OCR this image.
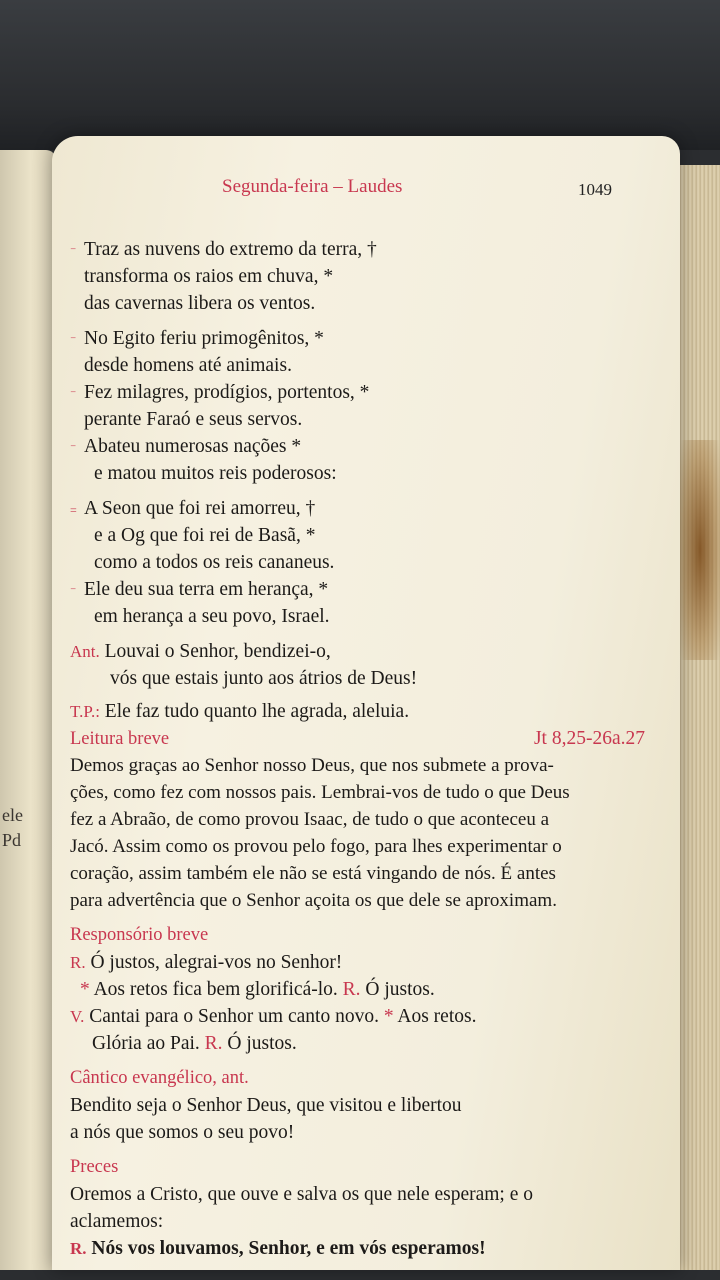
ele
Pd
Segunda-feira – Laudes	1049
⁻ Traz as nuvens do extremo da terra, †
transforma os raios em chuva, *
das cavernas libera os ventos.
⁻ No Egito feriu primogênitos, *
desde homens até animais.
⁻ Fez milagres, prodígios, portentos, *
perante Faraó e seus servos.
⁻ Abateu numerosas nações *
e matou muitos reis poderosos:
= A Seon que foi rei amorreu, †
e a Og que foi rei de Basã, *
como a todos os reis cananeus.
⁻ Ele deu sua terra em herança, *
em herança a seu povo, Israel.
Ant. Louvai o Senhor, bendizei-o,
vós que estais junto aos átrios de Deus!
T.P.: Ele faz tudo quanto lhe agrada, aleluia.
Leitura breve	Jt 8,25-26a.27
Demos graças ao Senhor nosso Deus, que nos submete a prova-
ções, como fez com nossos pais. Lembrai-vos de tudo o que Deus
fez a Abraão, de como provou Isaac, de tudo o que aconteceu a
Jacó. Assim como os provou pelo fogo, para lhes experimentar o
coração, assim também ele não se está vingando de nós. É antes
para advertência que o Senhor açoita os que dele se aproximam.
Responsório breve
R. Ó justos, alegrai-vos no Senhor!
* Aos retos fica bem glorificá-lo. R. Ó justos.
V. Cantai para o Senhor um canto novo. * Aos retos.
Glória ao Pai. R. Ó justos.
Cântico evangélico, ant.
Bendito seja o Senhor Deus, que visitou e libertou
a nós que somos o seu povo!
Preces
Oremos a Cristo, que ouve e salva os que nele esperam; e o
aclamemos:
R. Nós vos louvamos, Senhor, e em vós esperamos!
